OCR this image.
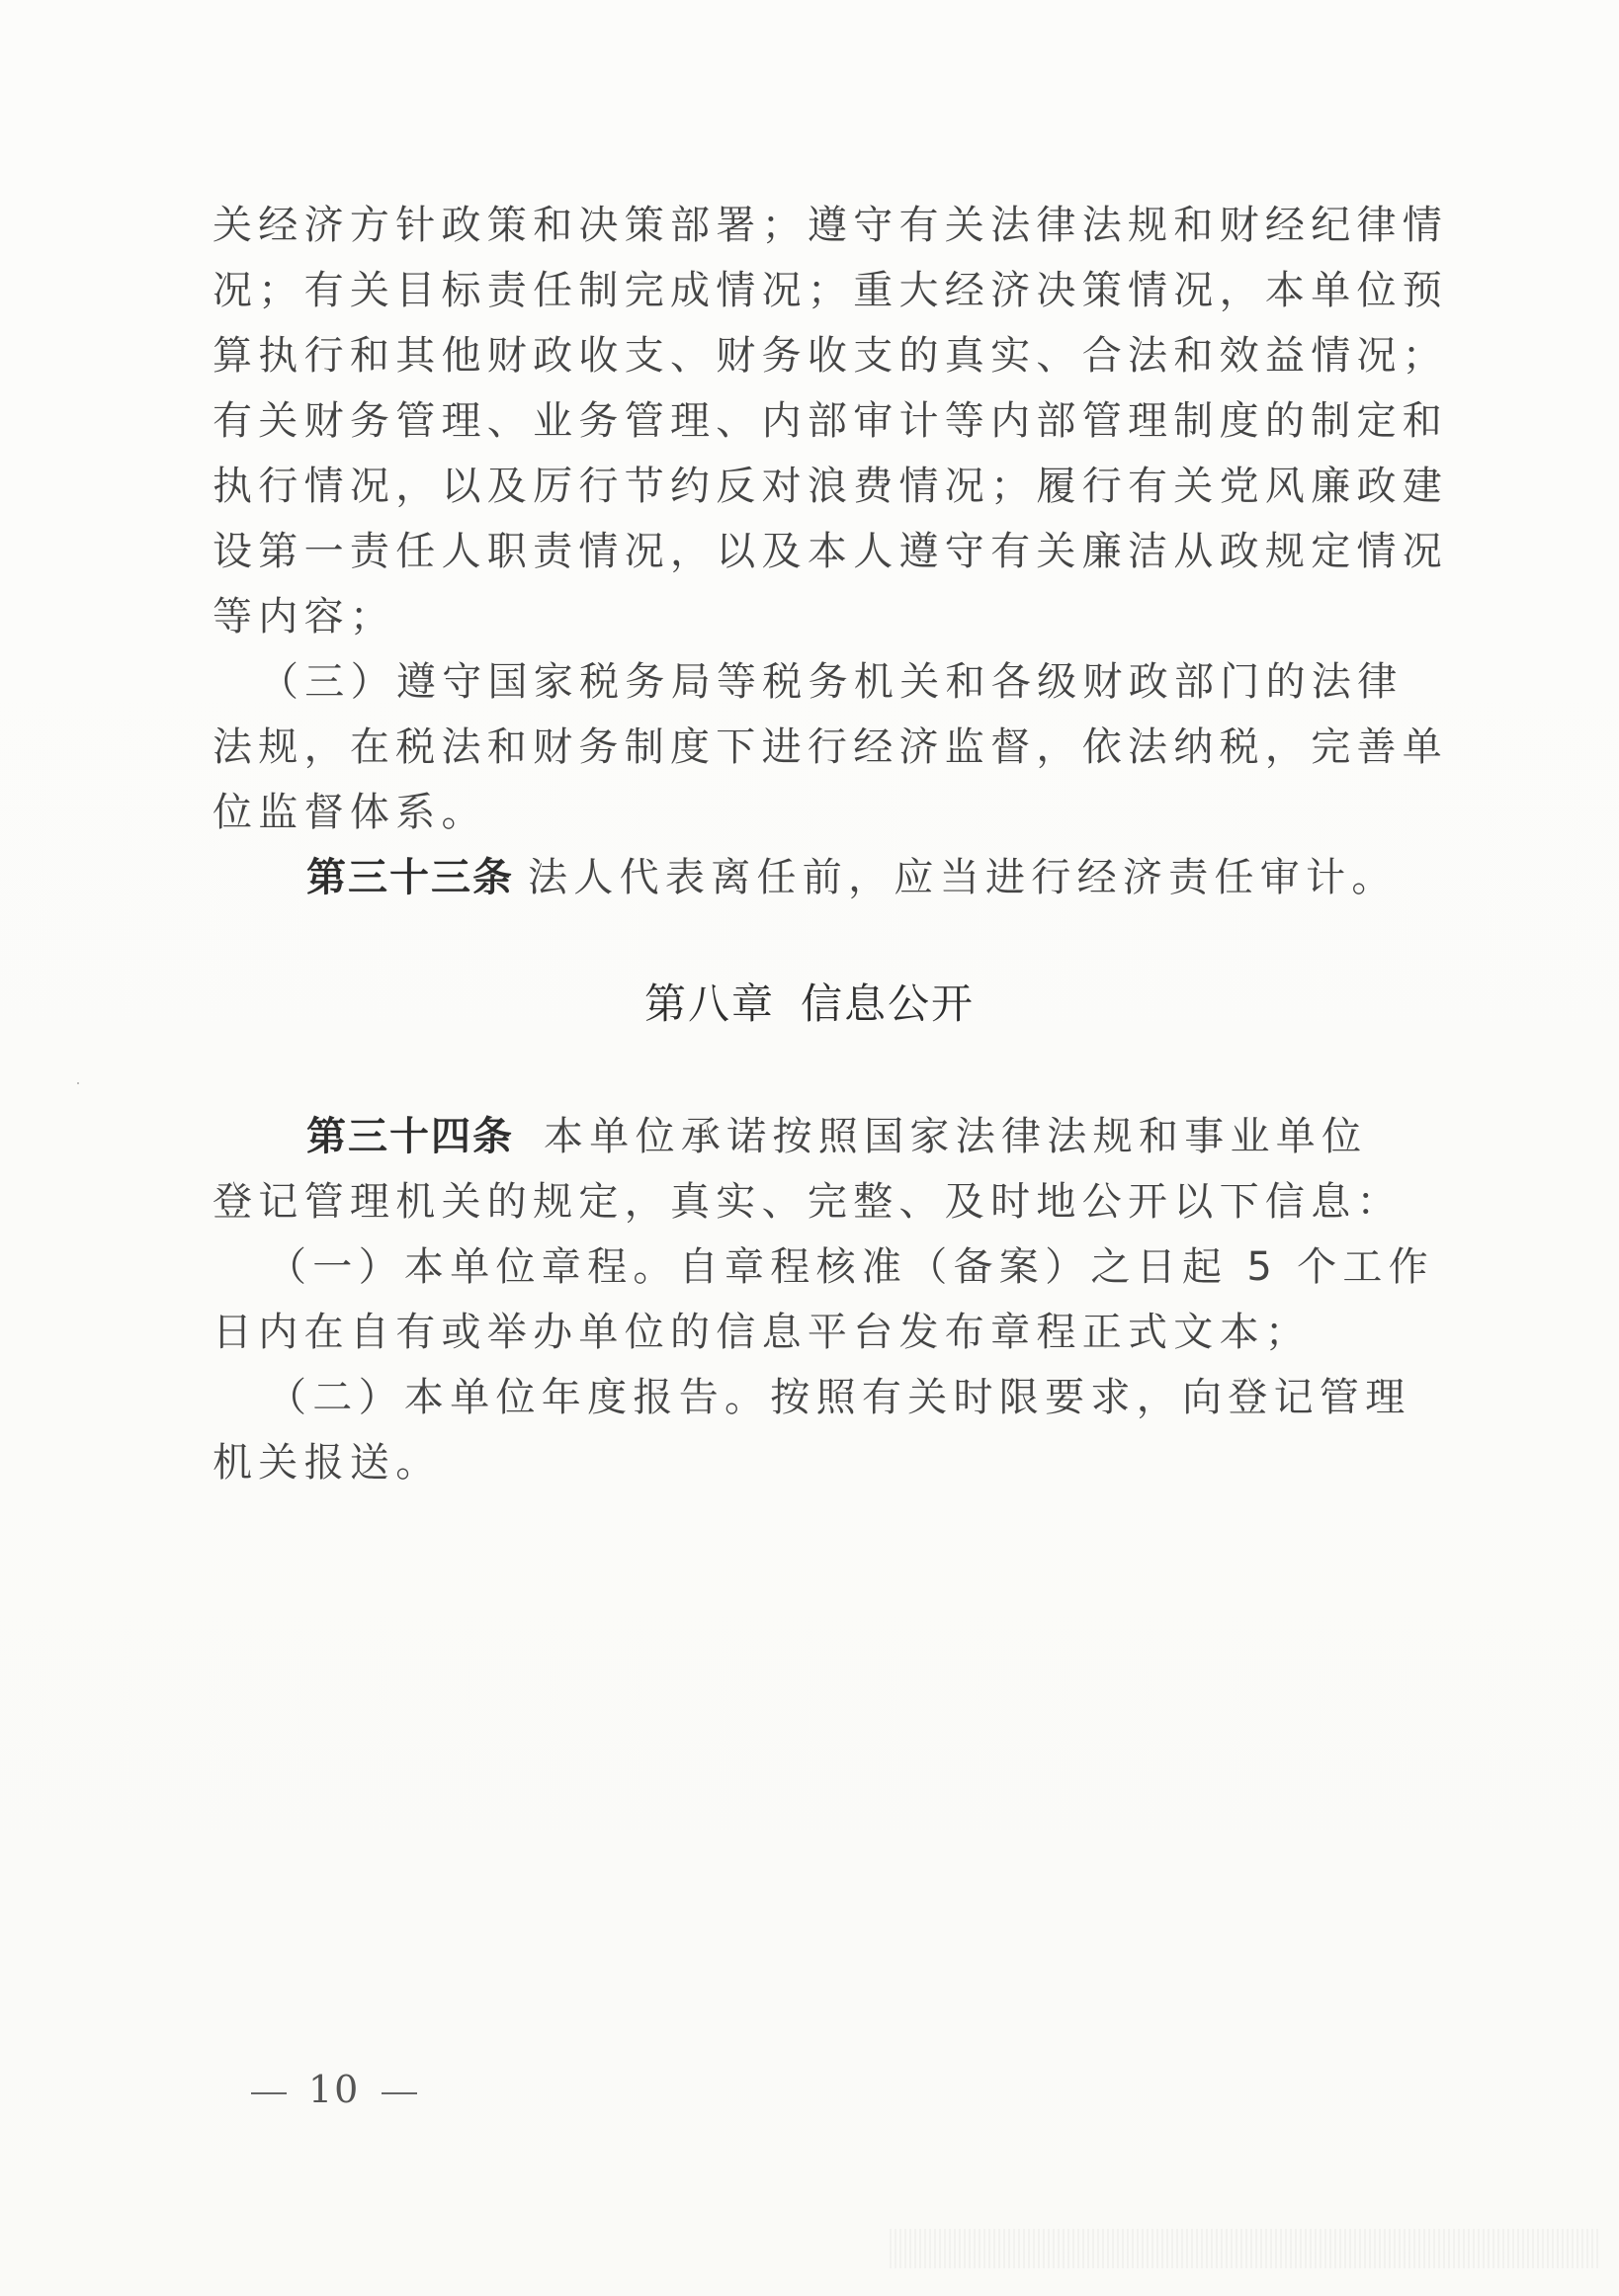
关经济方针政策和决策部署；遵守有关法律法规和财经纪律情
况；有关目标责任制完成情况；重大经济决策情况，本单位预
算执行和其他财政收支、财务收支的真实、合法和效益情况；
有关财务管理、业务管理、内部审计等内部管理制度的制定和
执行情况，以及厉行节约反对浪费情况；履行有关党风廉政建
设第一责任人职责情况，以及本人遵守有关廉洁从政规定情况
等内容；
（三）遵守国家税务局等税务机关和各级财政部门的法律
法规，在税法和财务制度下进行经济监督，依法纳税，完善单
位监督体系。
第三十三条 法人代表离任前，应当进行经济责任审计。
第八章 信息公开
第三十四条 本单位承诺按照国家法律法规和事业单位
登记管理机关的规定，真实、完整、及时地公开以下信息：
（一）本单位章程。自章程核准（备案）之日起 5 个工作
日内在自有或举办单位的信息平台发布章程正式文本；
（二）本单位年度报告。按照有关时限要求，向登记管理
机关报送。
10
